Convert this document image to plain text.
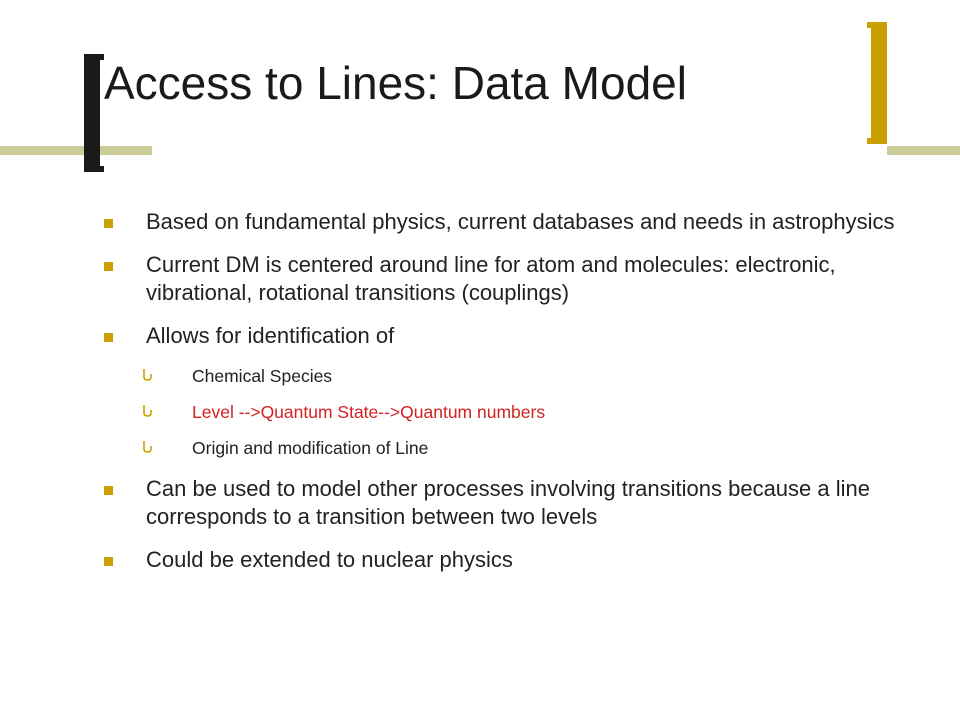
Access to Lines: Data Model
Based on fundamental physics, current databases and needs in astrophysics
Current DM is centered around line for atom and molecules: electronic, vibrational, rotational transitions (couplings)
Allows for identification of
Chemical Species
Level -->Quantum State-->Quantum numbers
Origin and modification of Line
Can be used to model other processes involving transitions because a line corresponds to a transition between two levels
Could be extended to nuclear physics
